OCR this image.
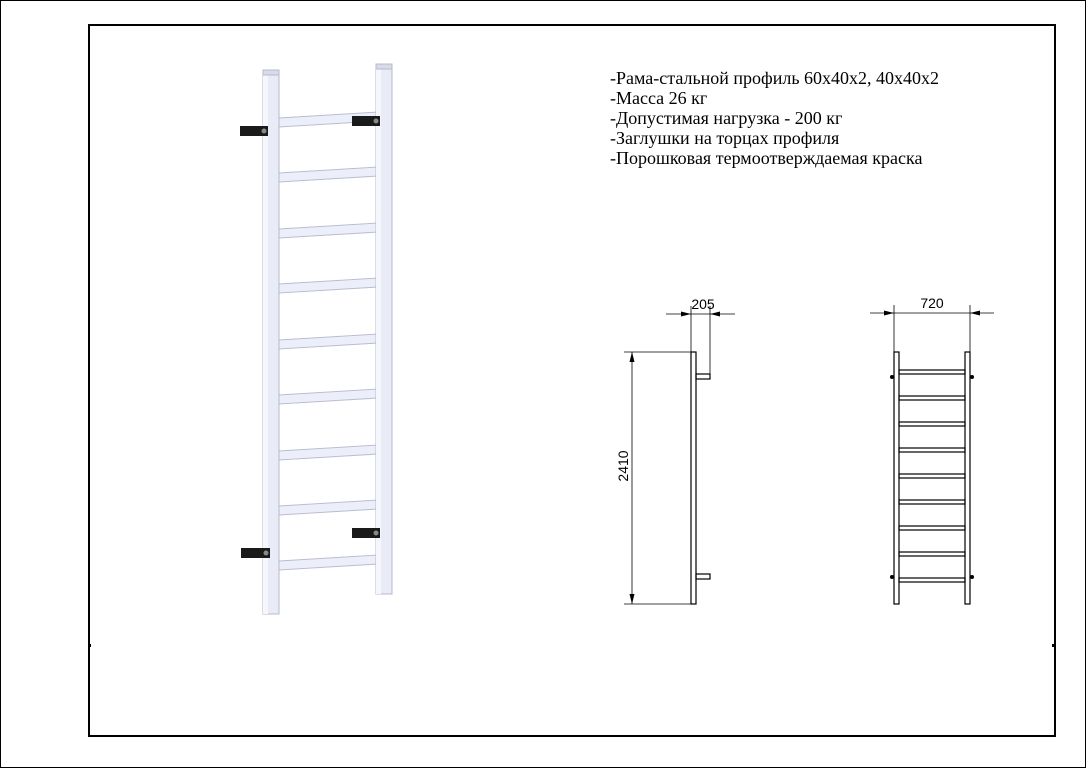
-Рама-стальной профиль 60х40х2, 40х40х2
-Масса 26 кг
-Допустимая нагрузка - 200 кг
-Заглушки на торцах профиля
-Порошковая термоотверждаемая краска
205
2410
720
